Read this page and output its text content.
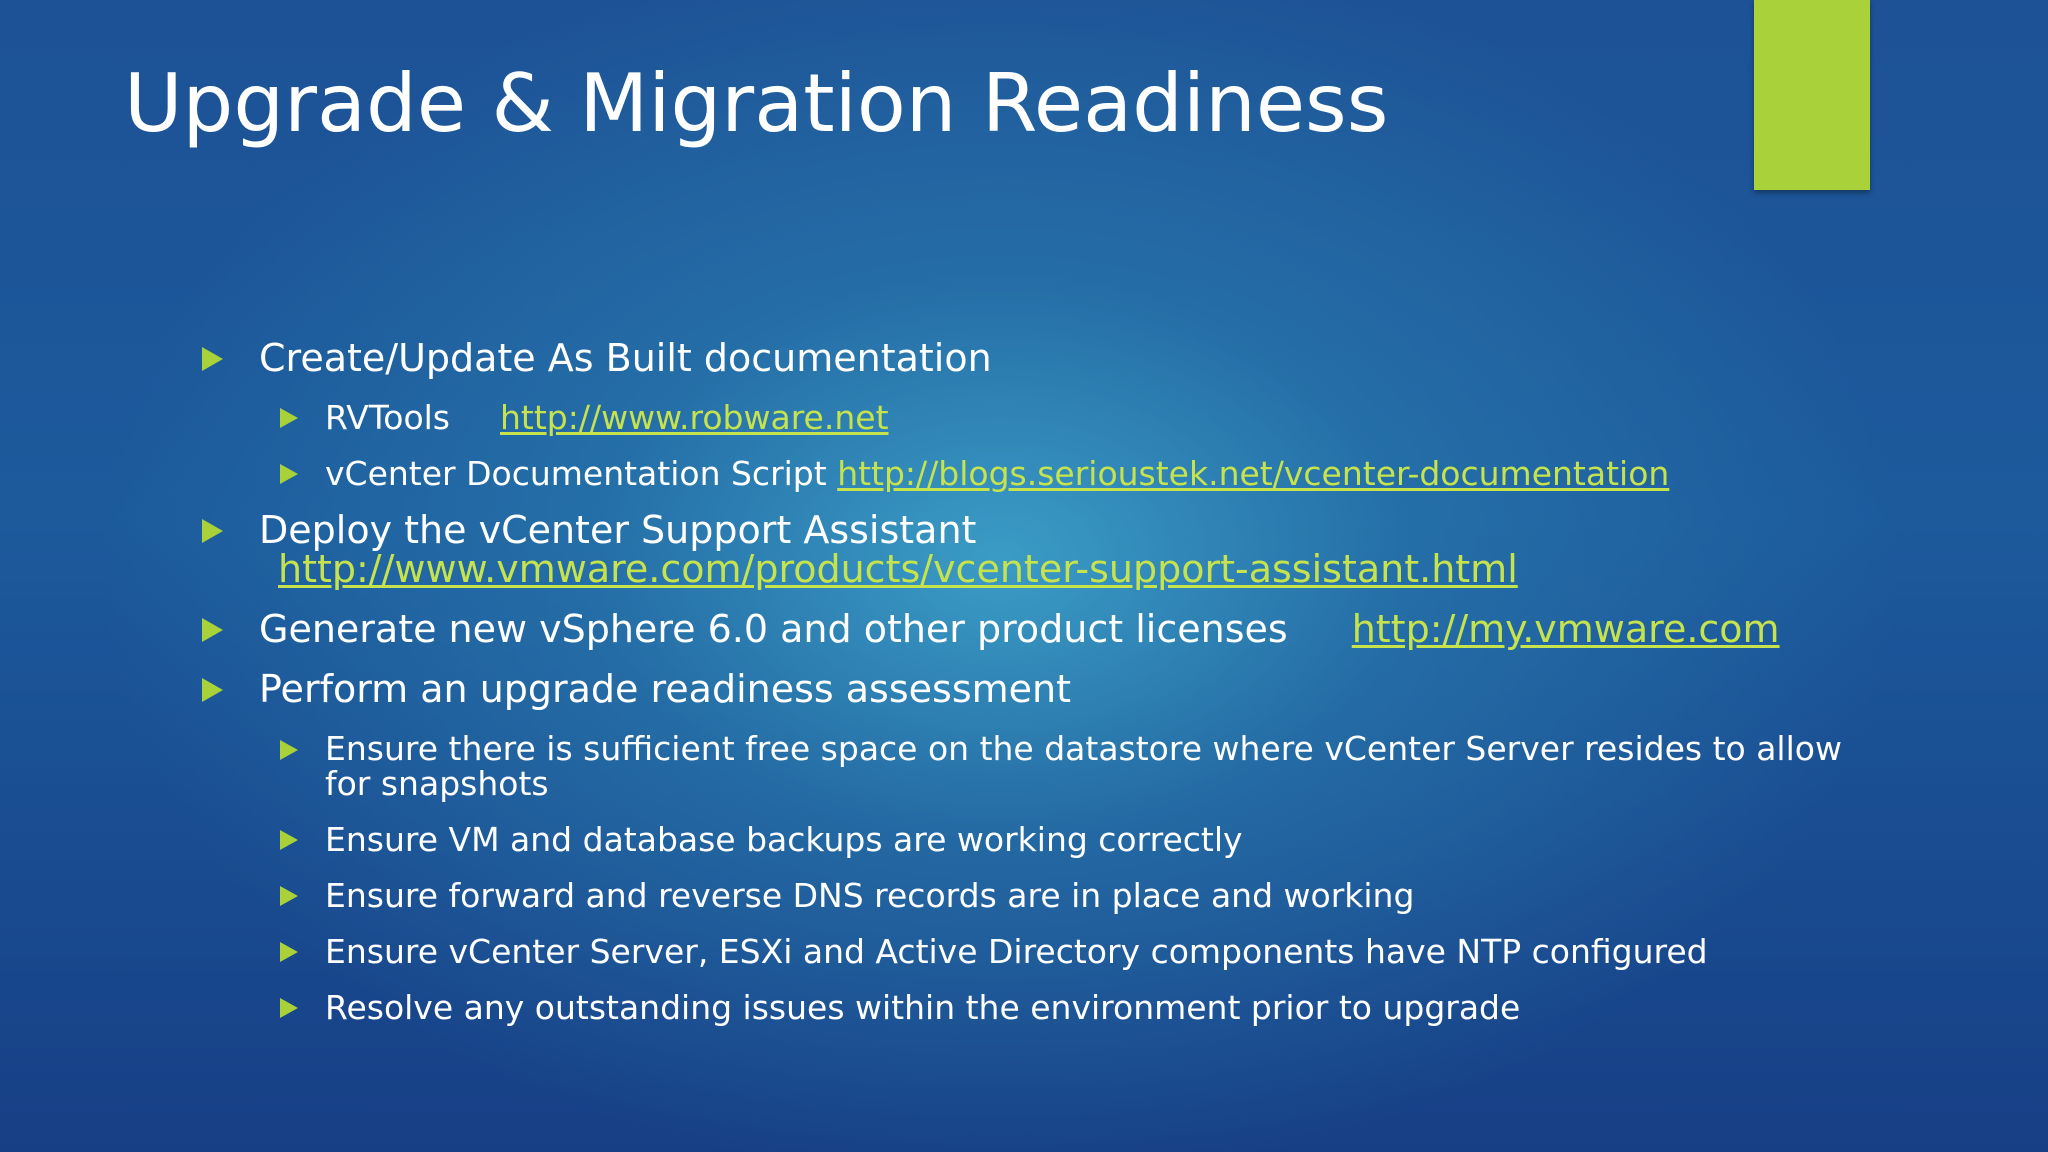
Upgrade & Migration Readiness
Create/Update As Built documentation
RVTools http://www.robware.net
vCenter Documentation Script http://blogs.serioustek.net/vcenter-documentation
Deploy the vCenter Support Assistant
http://www.vmware.com/products/vcenter-support-assistant.html
Generate new vSphere 6.0 and other product licenses http://my.vmware.com
Perform an upgrade readiness assessment
Ensure there is sufficient free space on the datastore where vCenter Server resides to allow for snapshots
Ensure VM and database backups are working correctly
Ensure forward and reverse DNS records are in place and working
Ensure vCenter Server, ESXi and Active Directory components have NTP configured
Resolve any outstanding issues within the environment prior to upgrade
